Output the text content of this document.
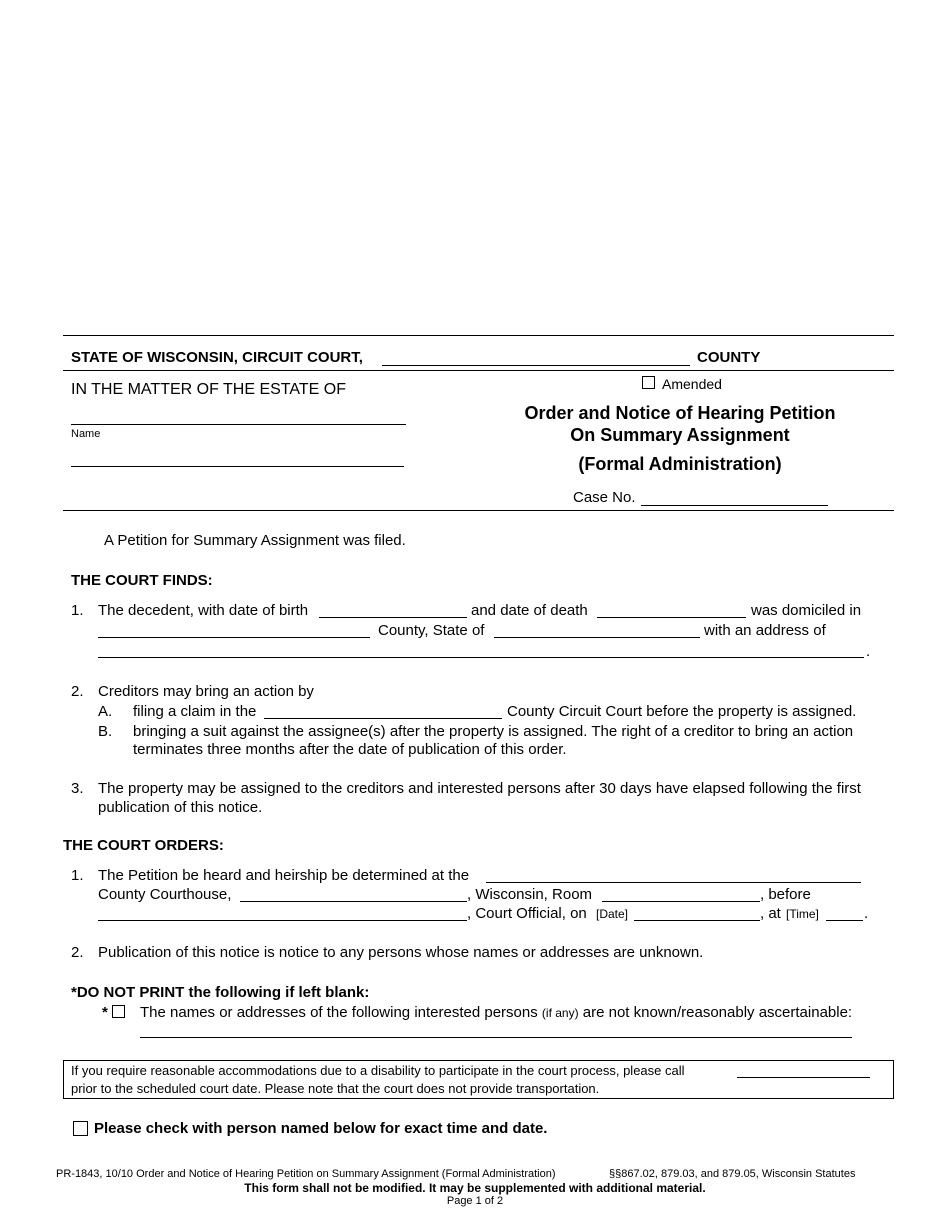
STATE OF WISCONSIN, CIRCUIT COURT,	COUNTY
Amended
IN THE MATTER OF THE ESTATE OF
Name
Order and Notice of Hearing Petition
On Summary Assignment
(Formal Administration)
Case No.
A Petition for Summary Assignment was filed.
THE COURT FINDS:
1. The decedent, with date of birth	and date of death	was domiciled in
County, State of	with an address of
.
2. Creditors may bring an action by
A. filing a claim in the	County Circuit Court before the property is assigned.
B. bringing a suit against the assignee(s) after the property is assigned. The right of a creditor to bring an action
terminates three months after the date of publication of this order.
3. The property may be assigned to the creditors and interested persons after 30 days have elapsed following the first
publication of this notice.
THE COURT ORDERS:
1. The Petition be heard and heirship be determined at the
County Courthouse,	, Wisconsin, Room	, before
, Court Official, on [Date]	, at [Time]	.
2. Publication of this notice is notice to any persons whose names or addresses are unknown.
*DO NOT PRINT the following if left blank:
* The names or addresses of the following interested persons (if any) are not known/reasonably ascertainable:
If you require reasonable accommodations due to a disability to participate in the court process, please call
prior to the scheduled court date. Please note that the court does not provide transportation.
Please check with person named below for exact time and date.
PR-1843, 10/10 Order and Notice of Hearing Petition on Summary Assignment (Formal Administration)	§§867.02, 879.03, and 879.05, Wisconsin Statutes
This form shall not be modified. It may be supplemented with additional material.
Page 1 of 2
